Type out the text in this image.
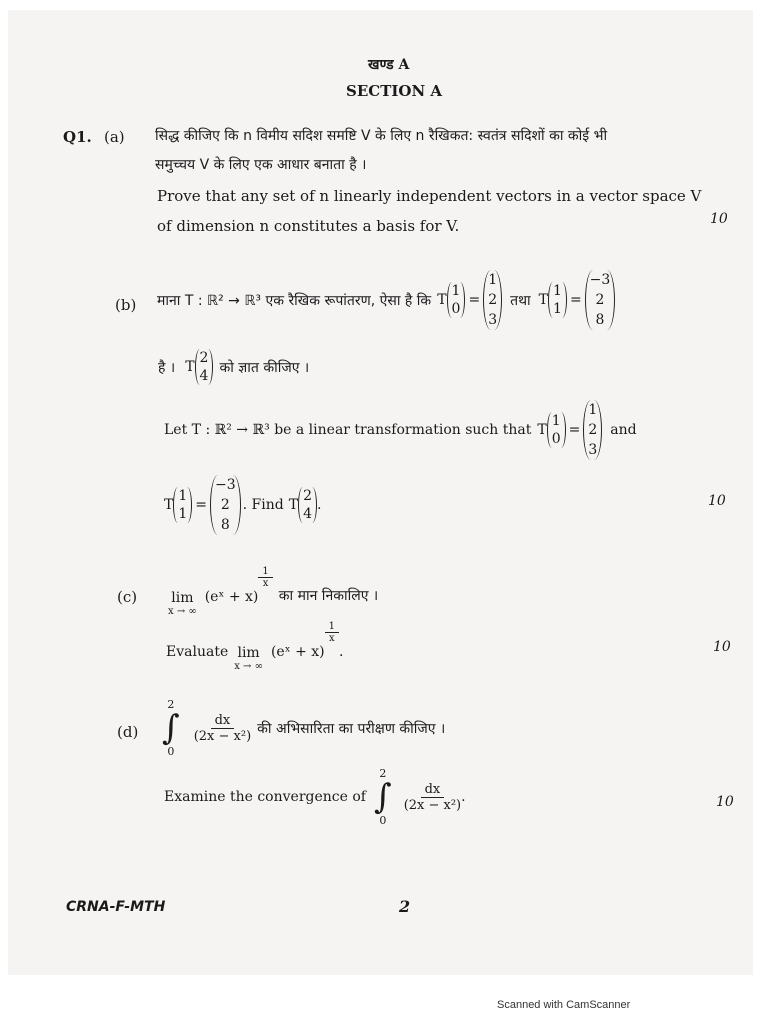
खण्ड A
SECTION A
Q1. (a) सिद्ध कीजिए कि n विमीय सदिश समष्टि V के लिए n रैखिकत: स्वतंत्र सदिशों का कोई भी
समुच्चय V के लिए एक आधार बनाता है ।
Prove that any set of n linearly independent vectors in a vector space V
of dimension n constitutes a basis for V.	10
(b) माना T : ℝ² → ℝ³ एक रैखिक रूपांतरण, ऐसा है कि T
1
0
=
1
2
3
तथा T
1
1
=
−3
2
8
है । T
2
4
को ज्ञात कीजिए ।
Let T : ℝ² → ℝ³ be a linear transformation such that T
1
0
=
1
2
3
and
T
1
1
=
−3
2
8
. Find T
2
4
.	10
(c) lim
x → ∞
(eˣ + x)
$\frac{1}{x}$
का मान निकालिए ।
Evaluate lim
x → ∞
(eˣ + x)
$\frac{1}{x}$
.	10
(d)
2
∫
0
$\frac{dx}{\text{(2x − x²)}}$ की अभिसारिता का परीक्षण कीजिए ।
Examine the convergence of
2
∫
0
$\frac{dx}{\text{(2x − x²)}}$ .	10
CRNA-F-MTH	2
Scanned with CamScanner
